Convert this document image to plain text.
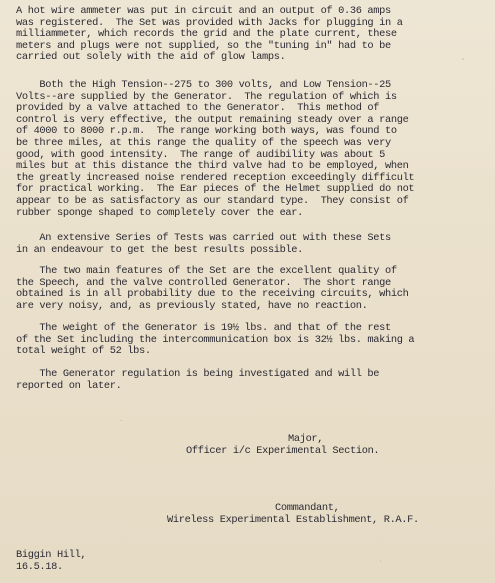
A hot wire ammeter was put in circuit and an output of 0.36 amps
was registered.  The Set was provided with Jacks for plugging in a
milliammeter, which records the grid and the plate current, these
meters and plugs were not supplied, so the "tuning in" had to be
carried out solely with the aid of glow lamps.

Both the High Tension--275 to 300 volts, and Low Tension--25
Volts--are supplied by the Generator.  The regulation of which is
provided by a valve attached to the Generator.  This method of
control is very effective, the output remaining steady over a range
of 4000 to 8000 r.p.m.  The range working both ways, was found to
be three miles, at this range the quality of the speech was very
good, with good intensity.  The range of audibility was about 5
miles but at this distance the third valve had to be employed, when
the greatly increased noise rendered reception exceedingly difficult
for practical working.  The Ear pieces of the Helmet supplied do not
appear to be as satisfactory as our standard type.  They consist of
rubber sponge shaped to completely cover the ear.

An extensive Series of Tests was carried out with these Sets
in an endeavour to get the best results possible.

The two main features of the Set are the excellent quality of
the Speech, and the valve controlled Generator.  The short range
obtained is in all probability due to the receiving circuits, which
are very noisy, and, as previously stated, have no reaction.

The weight of the Generator is 19½ lbs. and that of the rest
of the Set including the intercommunication box is 32½ lbs. making a
total weight of 52 lbs.

The Generator regulation is being investigated and will be
reported on later.

Major,

Officer i/c Experimental Section.

Commandant,

Wireless Experimental Establishment, R.A.F.

Biggin Hill,

16.5.18.
